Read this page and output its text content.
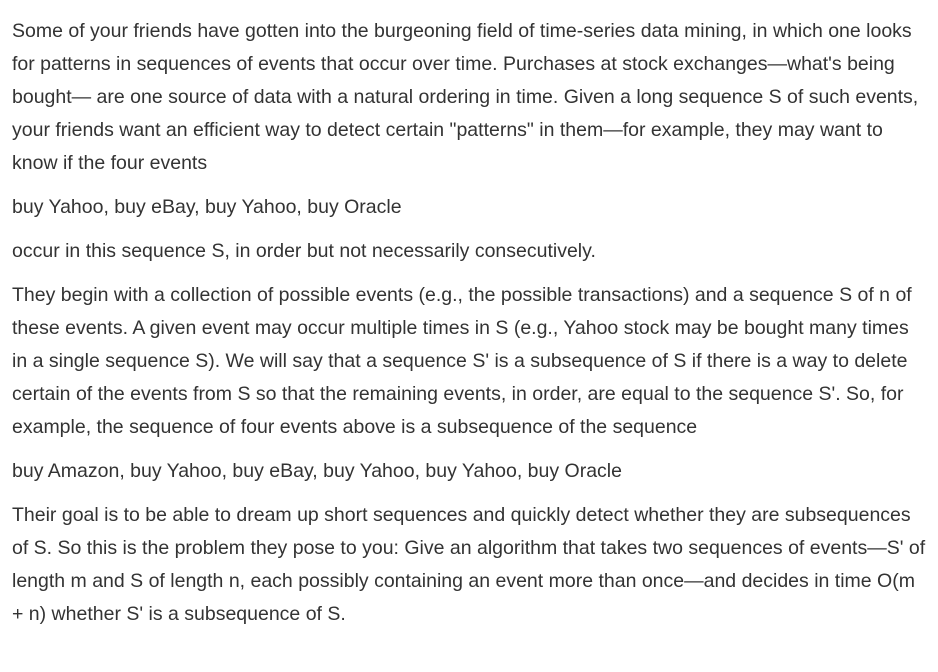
Some of your friends have gotten into the burgeoning field of time-series data mining, in which one looks for patterns in sequences of events that occur over time. Purchases at stock exchanges—what's being bought— are one source of data with a natural ordering in time. Given a long sequence S of such events, your friends want an efficient way to detect certain "patterns" in them—for example, they may want to know if the four events

buy Yahoo, buy eBay, buy Yahoo, buy Oracle

occur in this sequence S, in order but not necessarily consecutively.

They begin with a collection of possible events (e.g., the possible transactions) and a sequence S of n of these events. A given event may occur multiple times in S (e.g., Yahoo stock may be bought many times in a single sequence S). We will say that a sequence S' is a subsequence of S if there is a way to delete certain of the events from S so that the remaining events, in order, are equal to the sequence S'. So, for example, the sequence of four events above is a subsequence of the sequence

buy Amazon, buy Yahoo, buy eBay, buy Yahoo, buy Yahoo, buy Oracle

Their goal is to be able to dream up short sequences and quickly detect whether they are subsequences of S. So this is the problem they pose to you: Give an algorithm that takes two sequences of events—S' of length m and S of length n, each possibly containing an event more than once—and decides in time O(m + n) whether S' is a subsequence of S.
